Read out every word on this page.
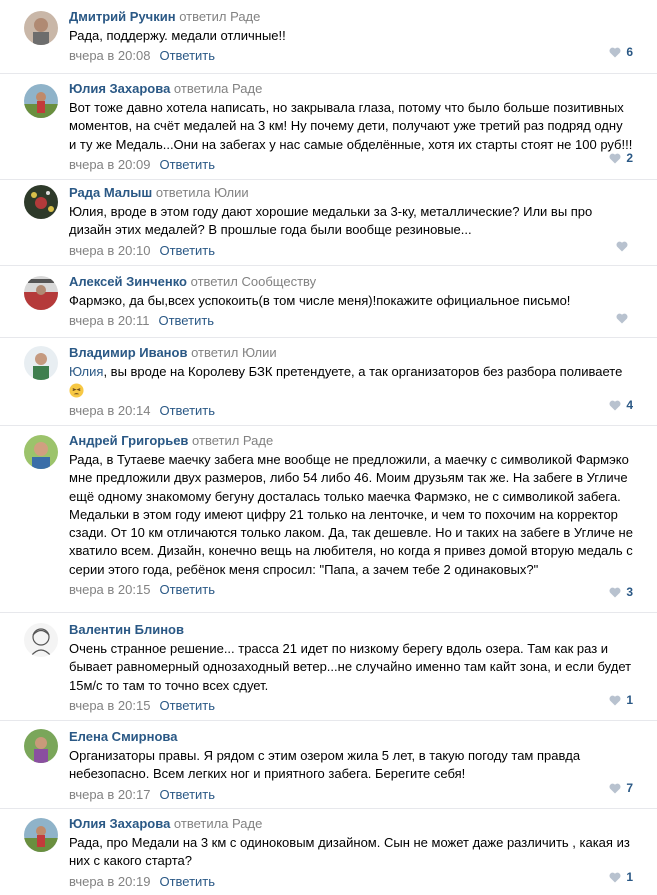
Дмитрий Ручкин ответил Раде
Рада, поддержу. медали отличные!!
вчера в 20:08 Ответить	6
Юлия Захарова ответила Раде
Вот тоже давно хотела написать, но закрывала глаза, потому что было больше позитивных моментов, на счёт медалей на 3 км! Ну почему дети, получают уже третий раз подряд одну и ту же Медаль...Они на забегах у нас самые обделённые, хотя их старты стоят не 100 руб!!!
вчера в 20:09 Ответить	2
Рада Малыш ответила Юлии
Юлия, вроде в этом году дают хорошие медальки за 3-ку, металлические? Или вы про дизайн этих медалей? В прошлые года были вообще резиновые...
вчера в 20:10 Ответить
Алексей Зинченко ответил Сообществу
Фармэко, да бы,всех успокоить(в том числе меня)!покажите официальное письмо!
вчера в 20:11 Ответить
Владимир Иванов ответил Юлии
Юлия, вы вроде на Королеву БЗК претендуете, а так организаторов без разбора поливаете

вчера в 20:14 Ответить	4
Андрей Григорьев ответил Раде
Рада, в Тутаеве маечку забега мне вообще не предложили, а маечку с символикой Фармэко мне предложили двух размеров, либо 54 либо 46. Моим друзьям так же. На забеге в Угличе ещё одному знакомому бегуну досталась только маечка Фармэко, не с символикой забега. Медальки в этом году имеют цифру 21 только на ленточке, и чем то похочим на корректор сзади. От 10 км отличаются только лаком. Да, так дешевле. Но и таких на забеге в Угличе не хватило всем. Дизайн, конечно вещь на любителя, но когда я привез домой вторую медаль с серии этого года, ребёнок меня спросил: "Папа, а зачем тебе 2 одинаковых?"
вчера в 20:15 Ответить	3
Валентин Блинов
Очень странное решение... трасса 21 идет по низкому берегу вдоль озера. Там как раз и бывает равномерный однозаходный ветер...не случайно именно там кайт зона, и если будет 15м/с то там то точно всех сдует.
вчера в 20:15 Ответить	1
Елена Смирнова
Организаторы правы. Я рядом с этим озером жила 5 лет, в такую погоду там правда небезопасно. Всем легких ног и приятного забега. Берегите себя!
вчера в 20:17 Ответить	7
Юлия Захарова ответила Раде
Рада, про Медали на 3 км с одиноковым дизайном. Сын не может даже различить , какая из них с какого старта?
вчера в 20:19 Ответить	1
